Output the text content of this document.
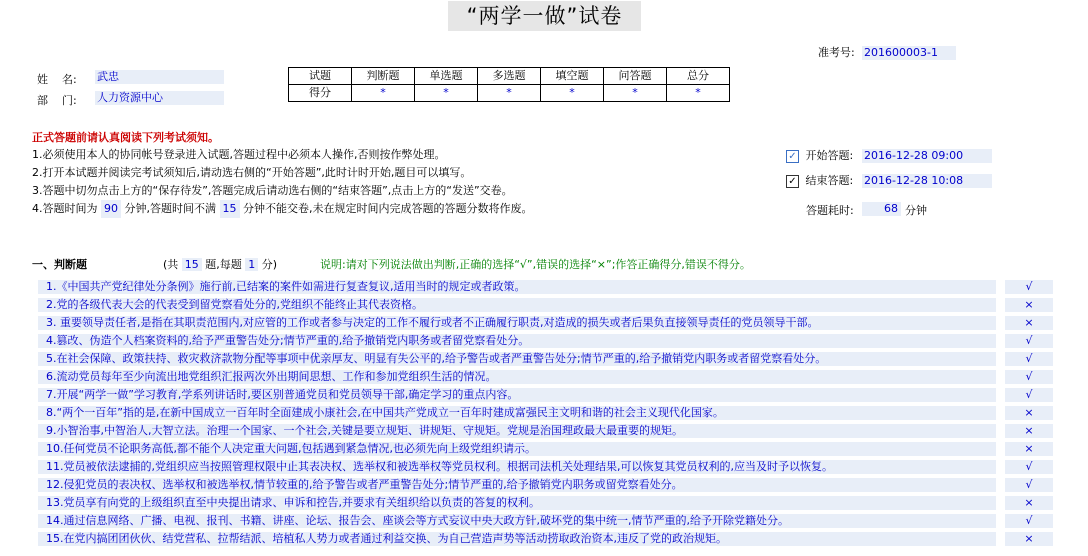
“两学一做”试卷
准考号: 201600003-1
姓    名:	武忠
部    门:	人力资源中心
试题	判断题	单选题	多选题	填空题	问答题	总分
得分	*	*	*	*	*	*
正式答题前请认真阅读下列考试须知。
1.必须使用本人的协同帐号登录进入试题,答题过程中必须本人操作,否则按作弊处理。
2.打开本试题并阅读完考试须知后,请动选右侧的“开始答题”,此时计时开始,题目可以填写。
3.答题中切勿点击上方的“保存待发”,答题完成后请动选右侧的“结束答题”,点击上方的“发送”交卷。
4.答题时间为 90 分钟,答题时间不满 15 分钟不能交卷,未在规定时间内完成答题的答题分数将作废。
✓ 开始答题: 2016-12-28 09:00
✓ 结束答题: 2016-12-28 10:08
答题耗时:	68 分钟
一、判断题	(共 15 题,每题 1 分)	说明:请对下列说法做出判断,正确的选择“√”,错误的选择“×”;作答正确得分,错误不得分。
1.《中国共产党纪律处分条例》施行前,已结案的案件如需进行复查复议,适用当时的规定或者政策。	√
2.党的各级代表大会的代表受到留党察看处分的,党组织不能终止其代表资格。	×
3. 重要领导责任者,是指在其职责范围内,对应管的工作或者参与决定的工作不履行或者不正确履行职责,对造成的损失或者后果负直接领导责任的党员领导干部。	×
4.篡改、伪造个人档案资料的,给予严重警告处分;情节严重的,给予撤销党内职务或者留党察看处分。	√
5.在社会保障、政策扶持、救灾救济款物分配等事项中优亲厚友、明显有失公平的,给予警告或者严重警告处分;情节严重的,给予撤销党内职务或者留党察看处分。	√
6.流动党员每年至少向流出地党组织汇报两次外出期间思想、工作和参加党组织生活的情况。	√
7.开展“两学一做”学习教育,学系列讲话时,要区别普通党员和党员领导干部,确定学习的重点内容。	√
8.“两个一百年”指的是,在新中国成立一百年时全面建成小康社会,在中国共产党成立一百年时建成富强民主文明和谐的社会主义现代化国家。	×
9.小智治事,中智治人,大智立法。治理一个国家、一个社会,关键是要立规矩、讲规矩、守规矩。党规是治国理政最大最重要的规矩。	×
10.任何党员不论职务高低,都不能个人决定重大问题,包括遇到紧急情况,也必须先向上级党组织请示。	×
11.党员被依法逮捕的,党组织应当按照管理权限中止其表决权、选举权和被选举权等党员权利。根据司法机关处理结果,可以恢复其党员权利的,应当及时予以恢复。	√
12.侵犯党员的表决权、选举权和被选举权,情节较重的,给予警告或者严重警告处分;情节严重的,给予撤销党内职务或留党察看处分。	√
13.党员享有向党的上级组织直至中央提出请求、申诉和控告,并要求有关组织给以负责的答复的权利。	×
14.通过信息网络、广播、电视、报刊、书籍、讲座、论坛、报告会、座谈会等方式妄议中央大政方针,破坏党的集中统一,情节严重的,给予开除党籍处分。	√
15.在党内搞团团伙伙、结党营私、拉帮结派、培植私人势力或者通过利益交换、为自己营造声势等活动捞取政治资本,违反了党的政治规矩。	×
